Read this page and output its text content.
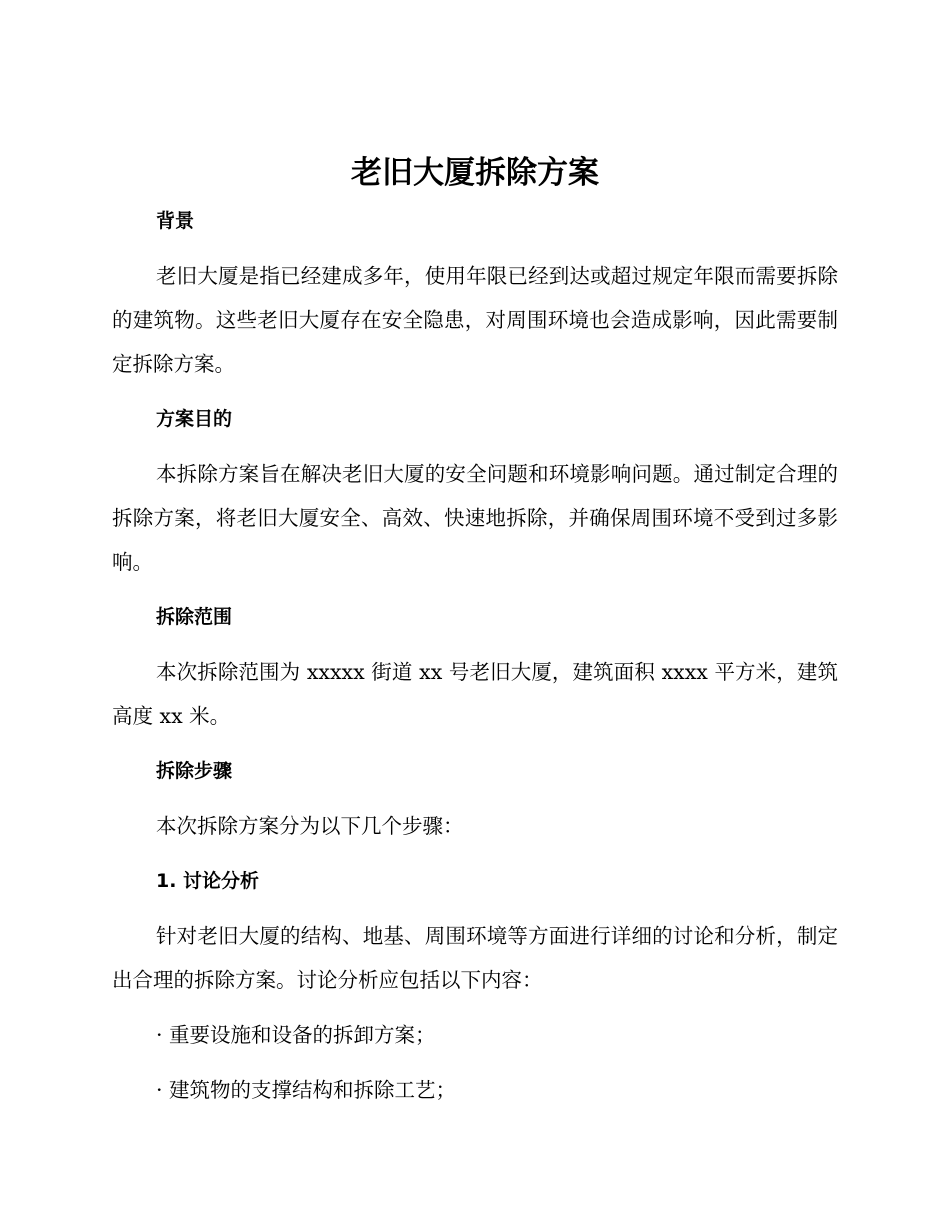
老旧大厦拆除方案
背景

老旧大厦是指已经建成多年，使用年限已经到达或超过规定年限而需要拆除的建筑物。这些老旧大厦存在安全隐患，对周围环境也会造成影响，因此需要制定拆除方案。

方案目的

本拆除方案旨在解决老旧大厦的安全问题和环境影响问题。通过制定合理的拆除方案，将老旧大厦安全、高效、快速地拆除，并确保周围环境不受到过多影响。

拆除范围

本次拆除范围为 xxxxx 街道 xx 号老旧大厦，建筑面积 xxxx 平方米，建筑高度 xx 米。

拆除步骤

本次拆除方案分为以下几个步骤：

1. 讨论分析

针对老旧大厦的结构、地基、周围环境等方面进行详细的讨论和分析，制定出合理的拆除方案。讨论分析应包括以下内容：

· 重要设施和设备的拆卸方案；
· 建筑物的支撑结构和拆除工艺；
